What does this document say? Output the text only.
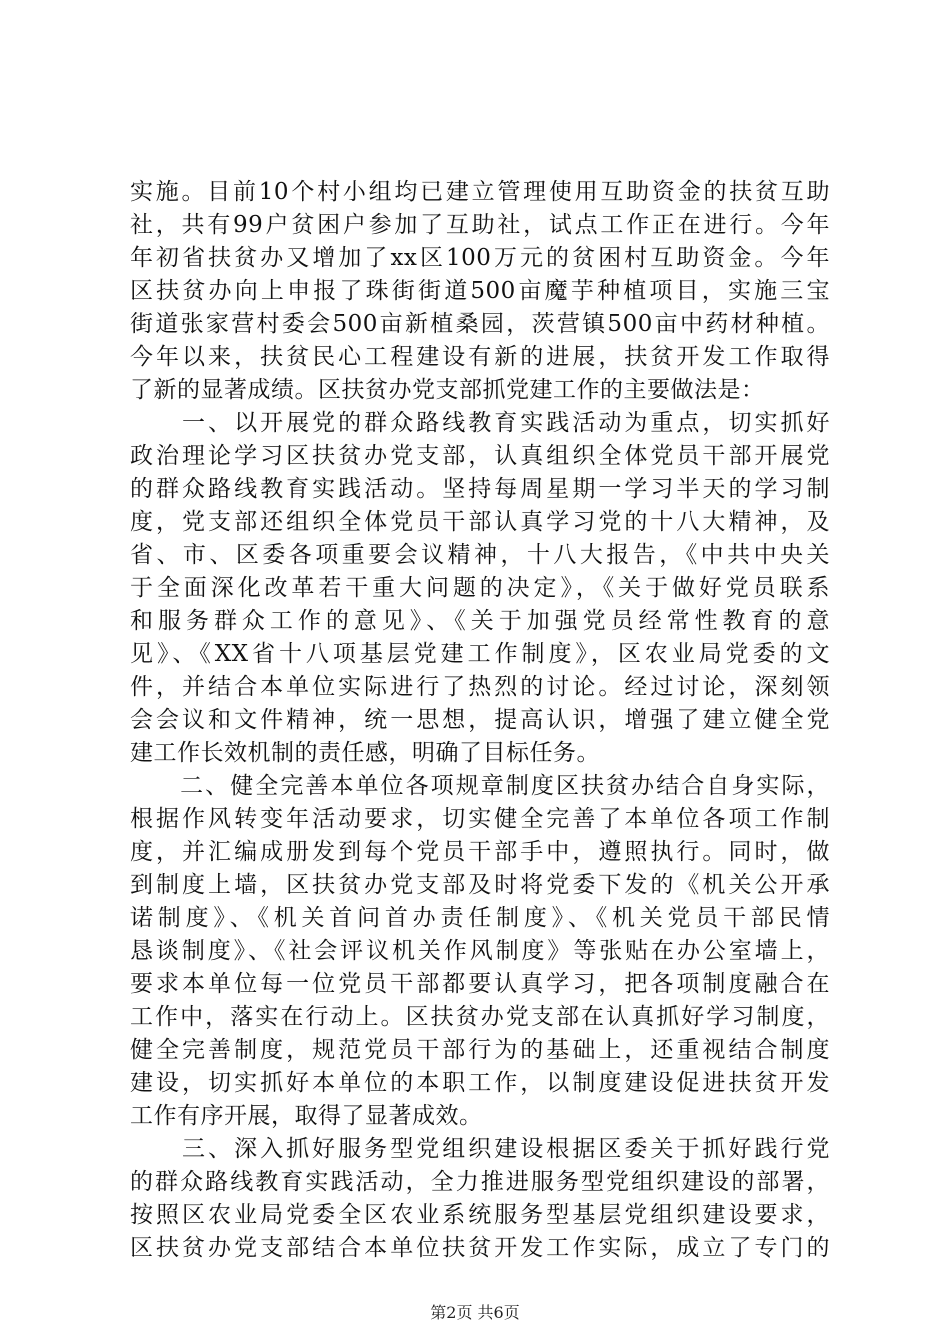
实施。目前10个村小组均已建立管理使用互助资金的扶贫互助
社，共有99户贫困户参加了互助社，试点工作正在进行。今年
年初省扶贫办又增加了xx区100万元的贫困村互助资金。今年
区扶贫办向上申报了珠街街道500亩魔芋种植项目，实施三宝
街道张家营村委会500亩新植桑园，茨营镇500亩中药材种植。
今年以来，扶贫民心工程建设有新的进展，扶贫开发工作取得
了新的显著成绩。区扶贫办党支部抓党建工作的主要做法是：
　　一、以开展党的群众路线教育实践活动为重点，切实抓好
政治理论学习区扶贫办党支部，认真组织全体党员干部开展党
的群众路线教育实践活动。坚持每周星期一学习半天的学习制
度，党支部还组织全体党员干部认真学习党的十八大精神，及
省、市、区委各项重要会议精神，十八大报告，《中共中央关
于全面深化改革若干重大问题的决定》，《关于做好党员联系
和服务群众工作的意见》、《关于加强党员经常性教育的意
见》、《XX省十八项基层党建工作制度》，区农业局党委的文
件，并结合本单位实际进行了热烈的讨论。经过讨论，深刻领
会会议和文件精神，统一思想，提高认识，增强了建立健全党
建工作长效机制的责任感，明确了目标任务。
　　二、健全完善本单位各项规章制度区扶贫办结合自身实际，
根据作风转变年活动要求，切实健全完善了本单位各项工作制
度，并汇编成册发到每个党员干部手中，遵照执行。同时，做
到制度上墙，区扶贫办党支部及时将党委下发的《机关公开承
诺制度》、《机关首问首办责任制度》、《机关党员干部民情
恳谈制度》、《社会评议机关作风制度》等张贴在办公室墙上，
要求本单位每一位党员干部都要认真学习，把各项制度融合在
工作中，落实在行动上。区扶贫办党支部在认真抓好学习制度，
健全完善制度，规范党员干部行为的基础上，还重视结合制度
建设，切实抓好本单位的本职工作，以制度建设促进扶贫开发
工作有序开展，取得了显著成效。
　　三、深入抓好服务型党组织建设根据区委关于抓好践行党
的群众路线教育实践活动，全力推进服务型党组织建设的部署，
按照区农业局党委全区农业系统服务型基层党组织建设要求，
区扶贫办党支部结合本单位扶贫开发工作实际，成立了专门的
第2页 共6页
